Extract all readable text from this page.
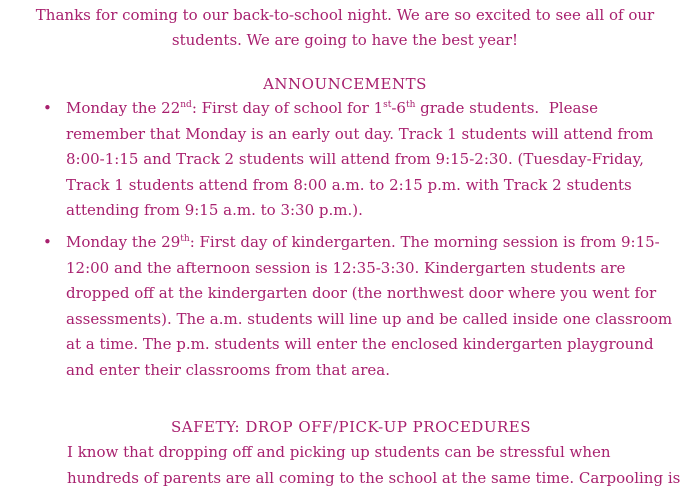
Thanks for coming to our back-to-school night. We are so excited to see all of our
students. We are going to have the best year!
ANNOUNCEMENTS
• Monday the 22nd: First day of school for 1st-6th grade students.  Please
remember that Monday is an early out day. Track 1 students will attend from
8:00-1:15 and Track 2 students will attend from 9:15-2:30. (Tuesday-Friday,
Track 1 students attend from 8:00 a.m. to 2:15 p.m. with Track 2 students
attending from 9:15 a.m. to 3:30 p.m.).
• Monday the 29th: First day of kindergarten. The morning session is from 9:15-
12:00 and the afternoon session is 12:35-3:30. Kindergarten students are
dropped off at the kindergarten door (the northwest door where you went for
assessments). The a.m. students will line up and be called inside one classroom
at a time. The p.m. students will enter the enclosed kindergarten playground
and enter their classrooms from that area.
SAFETY: DROP OFF/PICK-UP PROCEDURES
I know that dropping off and picking up students can be stressful when
hundreds of parents are all coming to the school at the same time. Carpooling is
